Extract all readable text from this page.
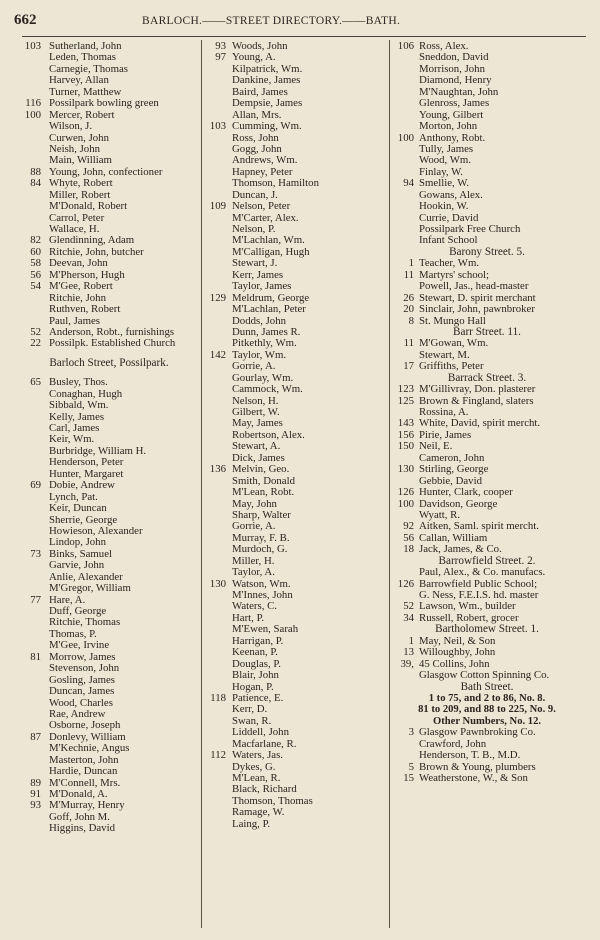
662	BARLOCH.——STREET DIRECTORY.——BATH.
103 Sutherland, John
Leden, Thomas
Carnegie, Thomas
Harvey, Allan
Turner, Matthew
116 Possilpark bowling green
100 Mercer, Robert
Wilson, J.
Curwen, John
Neish, John
Main, William
88 Young, John, confectioner
84 Whyte, Robert
Miller, Robert
M'Donald, Robert
Carrol, Peter
Wallace, H.
82 Glendinning, Adam
60 Ritchie, John, butcher
58 Deevan, John
56 M'Pherson, Hugh
54 M'Gee, Robert
Ritchie, John
Ruthven, Robert
Paul, James
52 Anderson, Robt., furnishings
22 Possilpk. Established Church
Barloch Street, Possilpark.
65 Busley, Thos.
Conaghan, Hugh
Sibbald, Wm.
Kelly, James
Carl, James
Keir, Wm.
Burbridge, William H.
Henderson, Peter
Hunter, Margaret
69 Dobie, Andrew
Lynch, Pat.
Keir, Duncan
Sherrie, George
Howieson, Alexander
Lindop, John
73 Binks, Samuel
Garvie, John
Anlie, Alexander
M'Gregor, William
77 Hare, A.
Duff, George
Ritchie, Thomas
Thomas, P.
M'Gee, Irvine
81 Morrow, James
Stevenson, John
Gosling, James
Duncan, James
Wood, Charles
Rae, Andrew
Osborne, Joseph
87 Donlevy, William
M'Kechnie, Angus
Masterton, John
Hardie, Duncan
89 M'Connell, Mrs.
91 M'Donald, A.
93 M'Murray, Henry
Goff, John M.
Higgins, David
93 Woods, John
97 Young, A.
Kilpatrick, Wm.
Dankine, James
Baird, James
Dempsie, James
Allan, Mrs.
103 Cumming, Wm.
Ross, John
Gogg, John
Andrews, Wm.
Hapney, Peter
Thomson, Hamilton
Duncan, J.
109 Nelson, Peter
M'Carter, Alex.
Nelson, P.
M'Lachlan, Wm.
M'Calligan, Hugh
Stewart, J.
Kerr, James
Taylor, James
129 Meldrum, George
M'Lachlan, Peter
Dodds, John
Dunn, James R.
Pitkethly, Wm.
142 Taylor, Wm.
Gorrie, A.
Gourlay, Wm.
Cammock, Wm.
Nelson, H.
Gilbert, W.
May, James
Robertson, Alex.
Stewart, A.
Dick, James
136 Melvin, Geo.
Smith, Donald
M'Lean, Robt.
May, John
Sharp, Walter
Gorrie, A.
Murray, F. B.
Murdoch, G.
Miller, H.
Taylor, A.
130 Watson, Wm.
M'Innes, John
Waters, C.
Hart, P.
M'Ewen, Sarah
Harrigan, P.
Keenan, P.
Douglas, P.
Blair, John
Hogan, P.
118 Patience, E.
Kerr, D.
Swan, R.
Liddell, John
Macfarlane, R.
112 Waters, Jas.
Dykes, G.
M'Lean, R.
Black, Richard
Thomson, Thomas
Ramage, W.
Laing, P.
106 Ross, Alex.
Sneddon, David
Morrison, John
Diamond, Henry
M'Naughtan, John
Glenross, James
Young, Gilbert
Morton, John
100 Anthony, Robt.
Tully, James
Wood, Wm.
Finlay, W.
94 Smellie, W.
Gowans, Alex.
Hookin, W.
Currie, David
Possilpark Free Church
Infant School
Barony Street. 5.
1 Teacher, Wm.
11 Martyrs' school;
Powell, Jas., head-master
26 Stewart, D. spirit merchant
20 Sinclair, John, pawnbroker
8 St. Mungo Hall
Barr Street. 11.
11 M'Gowan, Wm.
Stewart, M.
17 Griffiths, Peter
Barrack Street. 3.
123 M'Gillivray, Don. plasterer
125 Brown & Fingland, slaters
Rossina, A.
143 White, David, spirit mercht.
156 Pirie, James
150 Neil, E.
Cameron, John
130 Stirling, George
Gebbie, David
126 Hunter, Clark, cooper
100 Davidson, George
Wyatt, R.
92 Aitken, Saml. spirit mercht.
56 Callan, William
18 Jack, James, & Co.
Barrowfield Street. 2.
Paul, Alex., & Co. manufacs.
126 Barrowfield Public School;
G. Ness, F.E.I.S. hd. master
52 Lawson, Wm., builder
34 Russell, Robert, grocer
Bartholomew Street. 1.
1 May, Neil, & Son
13 Willoughby, John
39, 45 Collins, John
Glasgow Cotton Spinning Co.
Bath Street.
1 to 75, and 2 to 86, No. 8.
81 to 209, and 88 to 225, No. 9.
Other Numbers, No. 12.
3 Glasgow Pawnbroking Co.
Crawford, John
Henderson, T. B., M.D.
5 Brown & Young, plumbers
15 Weatherstone, W., & Son
